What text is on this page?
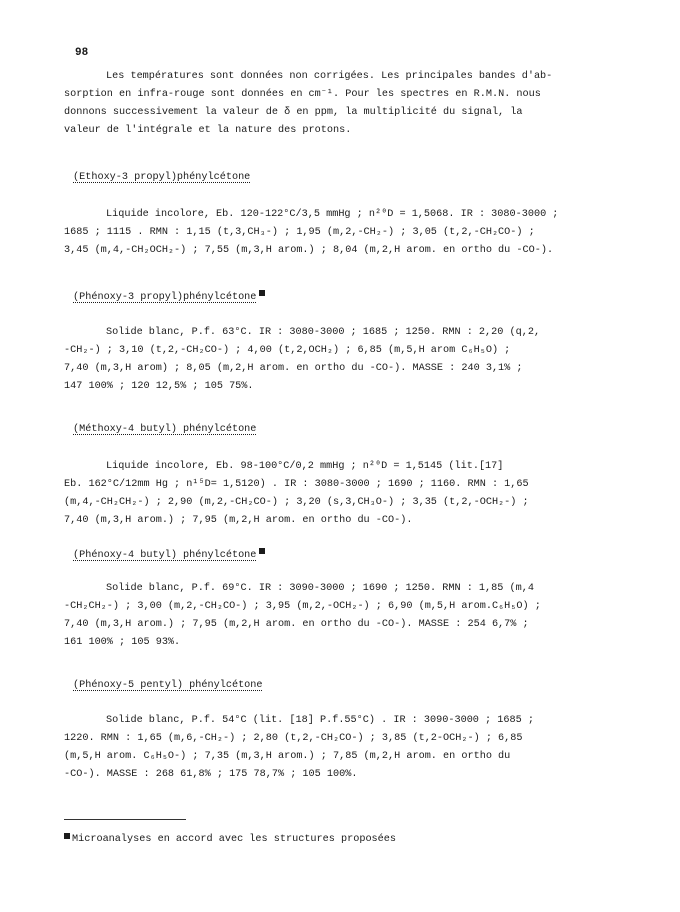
98
Les températures sont données non corrigées. Les principales bandes d'ab-
sorption en infra-rouge sont données en cm⁻¹. Pour les spectres en R.M.N. nous
donnons successivement la valeur de δ en ppm, la multiplicité du signal, la
valeur de l'intégrale et la nature des protons.
(Ethoxy-3 propyl)phénylcétone
Liquide incolore, Eb. 120-122°C/3,5 mmHg ; n²⁰D = 1,5068. IR : 3080-3000 ;
1685 ; 1115 . RMN : 1,15 (t,3,CH₃-) ; 1,95 (m,2,-CH₂-) ; 3,05 (t,2,-CH₂CO-) ;
3,45 (m,4,-CH₂OCH₂-) ; 7,55 (m,3,H arom.) ; 8,04 (m,2,H arom. en ortho du -CO-).
(Phénoxy-3 propyl)phénylcétone
Solide blanc, P.f. 63°C. IR : 3080-3000 ; 1685 ; 1250. RMN : 2,20 (q,2,
-CH₂-) ; 3,10 (t,2,-CH₂CO-) ; 4,00 (t,2,OCH₂) ; 6,85 (m,5,H arom C₆H₅O) ;
7,40 (m,3,H arom) ; 8,05 (m,2,H arom. en ortho du -CO-). MASSE : 240 3,1% ;
147 100% ; 120 12,5% ; 105 75%.
(Méthoxy-4 butyl) phénylcétone
Liquide incolore, Eb. 98-100°C/0,2 mmHg ; n²⁰D = 1,5145 (lit.[17]
Eb. 162°C/12mm Hg ; n¹⁵D= 1,5120) . IR : 3080-3000 ; 1690 ; 1160. RMN : 1,65
(m,4,-CH₂CH₂-) ; 2,90 (m,2,-CH₂CO-) ; 3,20 (s,3,CH₃O-) ; 3,35 (t,2,-OCH₂-) ;
7,40 (m,3,H arom.) ; 7,95 (m,2,H arom. en ortho du -CO-).
(Phénoxy-4 butyl) phénylcétone
Solide blanc, P.f. 69°C. IR : 3090-3000 ; 1690 ; 1250. RMN : 1,85 (m,4
-CH₂CH₂-) ; 3,00 (m,2,-CH₂CO-) ; 3,95 (m,2,-OCH₂-) ; 6,90 (m,5,H arom.C₆H₅O) ;
7,40 (m,3,H arom.) ; 7,95 (m,2,H arom. en ortho du -CO-). MASSE : 254 6,7% ;
161 100% ; 105 93%.
(Phénoxy-5 pentyl) phénylcétone
Solide blanc, P.f. 54°C (lit. [18] P.f.55°C) . IR : 3090-3000 ; 1685 ;
1220. RMN : 1,65 (m,6,-CH₂-) ; 2,80 (t,2,-CH₂CO-) ; 3,85 (t,2-OCH₂-) ; 6,85
(m,5,H arom. C₆H₅O-) ; 7,35 (m,3,H arom.) ; 7,85 (m,2,H arom. en ortho du
-CO-). MASSE : 268 61,8% ; 175 78,7% ; 105 100%.
Microanalyses en accord avec les structures proposées
